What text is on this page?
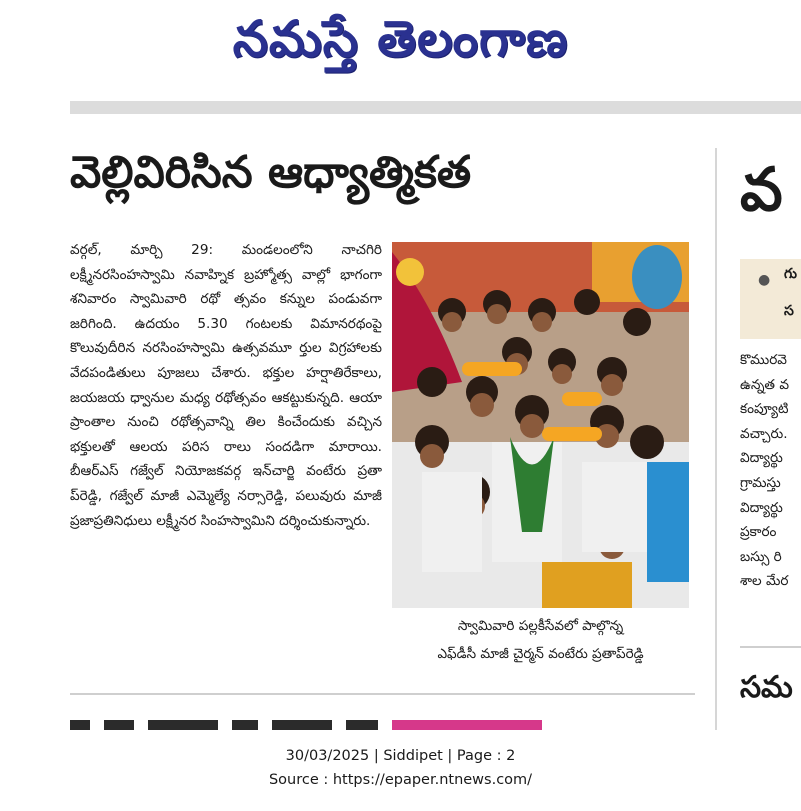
నమస్తే తెలంగాణ
వెల్లివిరిసిన ఆధ్యాత్మికత
వర్గల్, మార్చి 29: మండలంలోని నాచగిరి లక్ష్మీనరసింహస్వామి నవాహ్నిక బ్రహ్మోత్స వాల్లో భాగంగా శనివారం స్వామివారి రథో త్సవం కన్నుల పండువగా జరిగింది. ఉదయం 5.30 గంటలకు విమానరథంపై కొలువుదీరిన నరసింహస్వామి ఉత్సవమూ ర్తుల విగ్రహాలకు వేదపండితులు పూజలు చేశారు. భక్తుల హర్షాతిరేకాలు, జయజయ ధ్వానుల మధ్య రథోత్సవం ఆకట్టుకున్నది. ఆయా ప్రాంతాల నుంచి రథోత్సవాన్ని తిల కించేందుకు వచ్చిన భక్తులతో ఆలయ పరిస రాలు సందడిగా మారాయి. బీఆర్ఎస్ గజ్వేల్ నియోజకవర్గ ఇన్‌చార్జి వంటేరు ప్రతా ప్‌రెడ్డి, గజ్వేల్ మాజీ ఎమ్మెల్యే నర్సారెడ్డి, పలువురు మాజీ ప్రజాప్రతినిధులు లక్ష్మీనర సింహస్వామిని దర్శించుకున్నారు.
స్వామివారి పల్లకీసేవలో పాల్గొన్న
ఎఫ్‌డీసీ మాజీ చైర్మన్ వంటేరు ప్రతాప్‌రెడ్డి
వ
● గు
స
కొమురవె
ఉన్నత వ
కంప్యూటి
వచ్చారు.
విద్యార్థు
గ్రామస్తు
విద్యార్థు
ప్రకారం
బస్సు రి
శాల మేర
సమ
30/03/2025 | Siddipet | Page : 2
Source : https://epaper.ntnews.com/
